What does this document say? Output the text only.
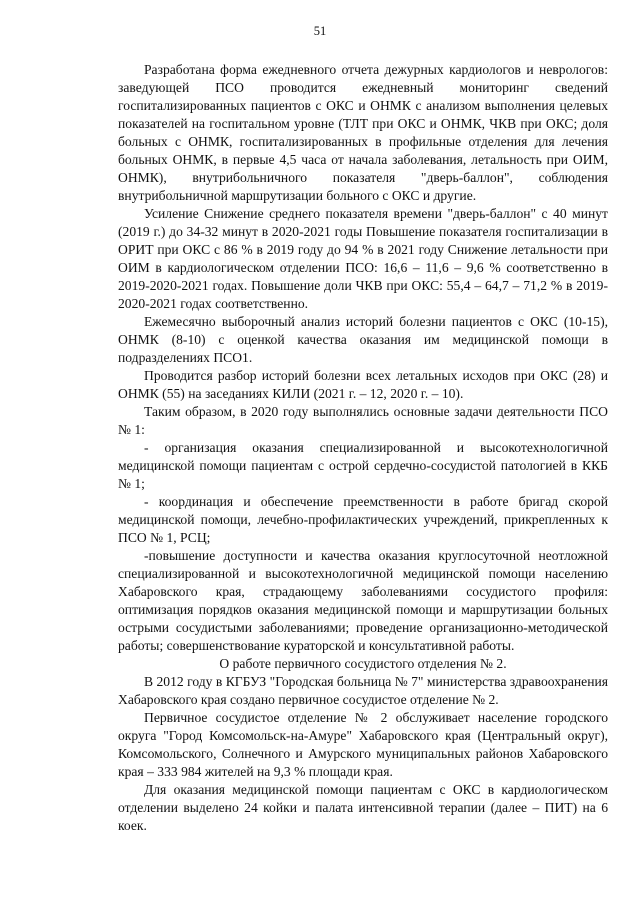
51

Разработана форма ежедневного отчета дежурных кардиологов и неврологов: заведующей ПСО проводится ежедневный мониторинг сведений госпитализированных пациентов с ОКС и ОНМК с анализом выполнения целевых показателей на госпитальном уровне (ТЛТ при ОКС и ОНМК, ЧКВ при ОКС; доля больных с ОНМК, госпитализированных в профильные отделения для лечения больных ОНМК, в первые 4,5 часа от начала заболевания, летальность при ОИМ, ОНМК), внутрибольничного показателя "дверь-баллон", соблюдения внутрибольничной маршрутизации больного с ОКС и другие.

Усиление Снижение среднего показателя времени "дверь-баллон" с 40 минут (2019 г.) до 34-32 минут в 2020-2021 годы Повышение показателя госпитализации в ОРИТ при ОКС с 86 % в 2019 году до 94 % в 2021 году Снижение летальности при ОИМ в кардиологическом отделении ПСО: 16,6 – 11,6 – 9,6 % соответственно в 2019-2020-2021 годах. Повышение доли ЧКВ при ОКС: 55,4 – 64,7 – 71,2 % в 2019-2020-2021 годах соответственно.

Ежемесячно выборочный анализ историй болезни пациентов с ОКС (10-15), ОНМК (8-10) с оценкой качества оказания им медицинской помощи в подразделениях ПСО1.

Проводится разбор историй болезни всех летальных исходов при ОКС (28) и ОНМК (55) на заседаниях КИЛИ (2021 г. – 12, 2020 г. – 10).

Таким образом, в 2020 году выполнялись основные задачи деятельности ПСО № 1:

- организация оказания специализированной и высокотехнологичной медицинской помощи пациентам с острой сердечно-сосудистой патологией в ККБ № 1;

- координация и обеспечение преемственности в работе бригад скорой медицинской помощи, лечебно-профилактических учреждений, прикрепленных к ПСО № 1, РСЦ;

-повышение доступности и качества оказания круглосуточной неотложной специализированной и высокотехнологичной медицинской помощи населению Хабаровского края, страдающему заболеваниями сосудистого профиля: оптимизация порядков оказания медицинской помощи и маршрутизации больных острыми сосудистыми заболеваниями; проведение организационно-методической работы; совершенствование кураторской и консультативной работы.

О работе первичного сосудистого отделения № 2.

В 2012 году в КГБУЗ "Городская больница № 7" министерства здравоохранения Хабаровского края создано первичное сосудистое отделение № 2.

Первичное сосудистое отделение № 2 обслуживает население городского округа "Город Комсомольск-на-Амуре" Хабаровского края (Центральный округ), Комсомольского, Солнечного и Амурского муниципальных районов Хабаровского края – 333 984 жителей на 9,3 % площади края.

Для оказания медицинской помощи пациентам с ОКС в кардиологическом отделении выделено 24 койки и палата интенсивной терапии (далее – ПИТ) на 6 коек.
